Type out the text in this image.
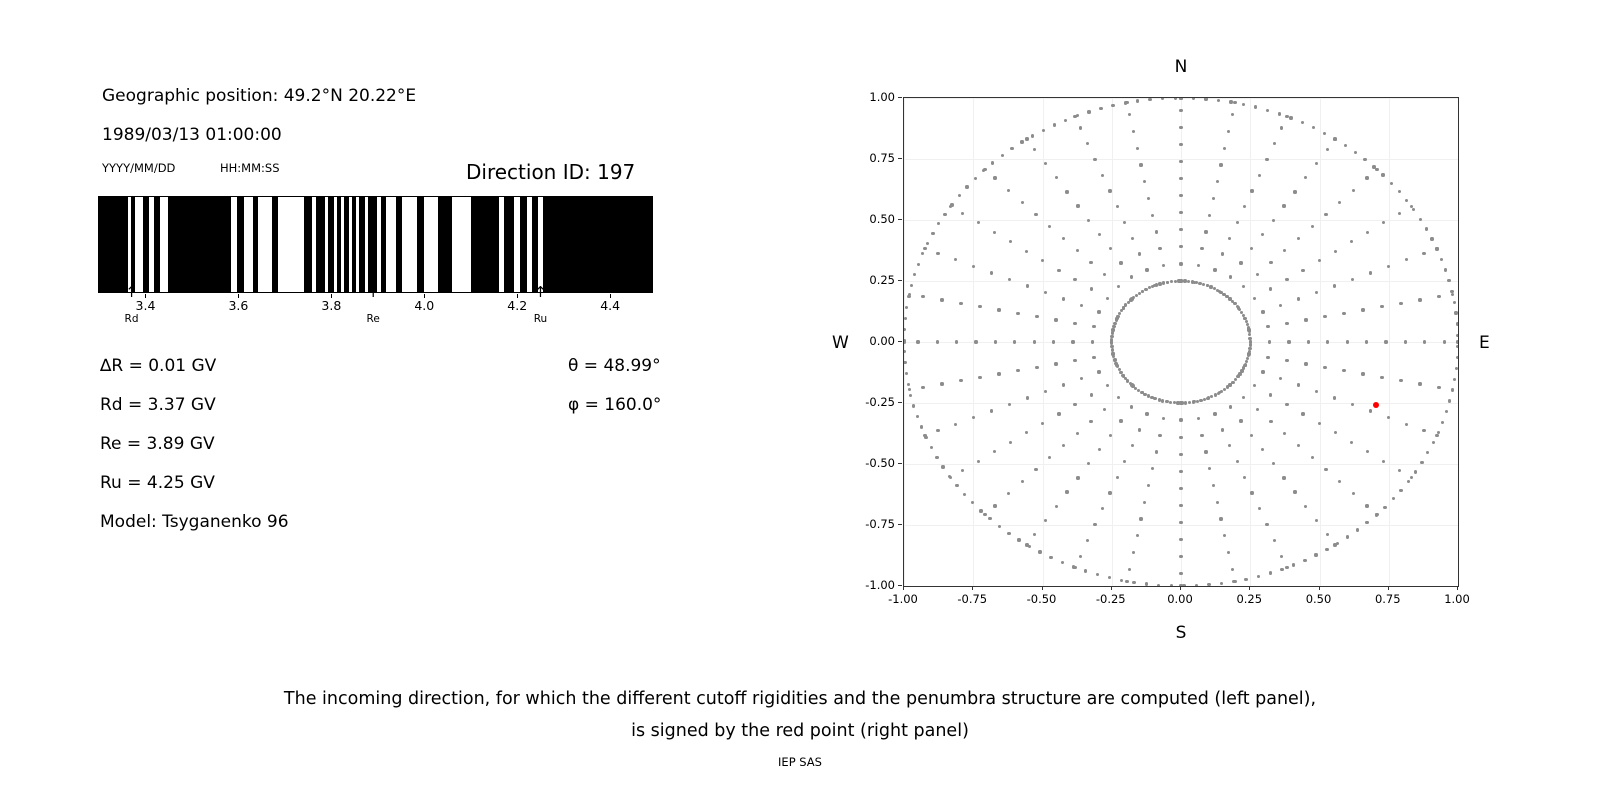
Geographic position: 49.2°N 20.22°E
1989/03/13 01:00:00
YYYY/MM/DD	HH:MM:SS	Direction ID: 197
3.4	3.6	3.8	4.0	4.2	4.4
↑
Rd
↑
Re
↑
Ru
∆R = 0.01 GV
Rd = 3.37 GV
Re = 3.89 GV
Ru = 4.25 GV
Model: Tsyganenko 96
θ = 48.99°
φ = 160.0°
N
S
W	E
-1.00	-0.75	-0.50	-0.25	0.00	0.25	0.50	0.75	1.00
-1.00
-0.75
-0.50
-0.25
0.00
0.25
0.50
0.75
1.00
The incoming direction, for which the different cutoff rigidities and the penumbra structure are computed (left panel),
is signed by the red point (right panel)
IEP SAS
